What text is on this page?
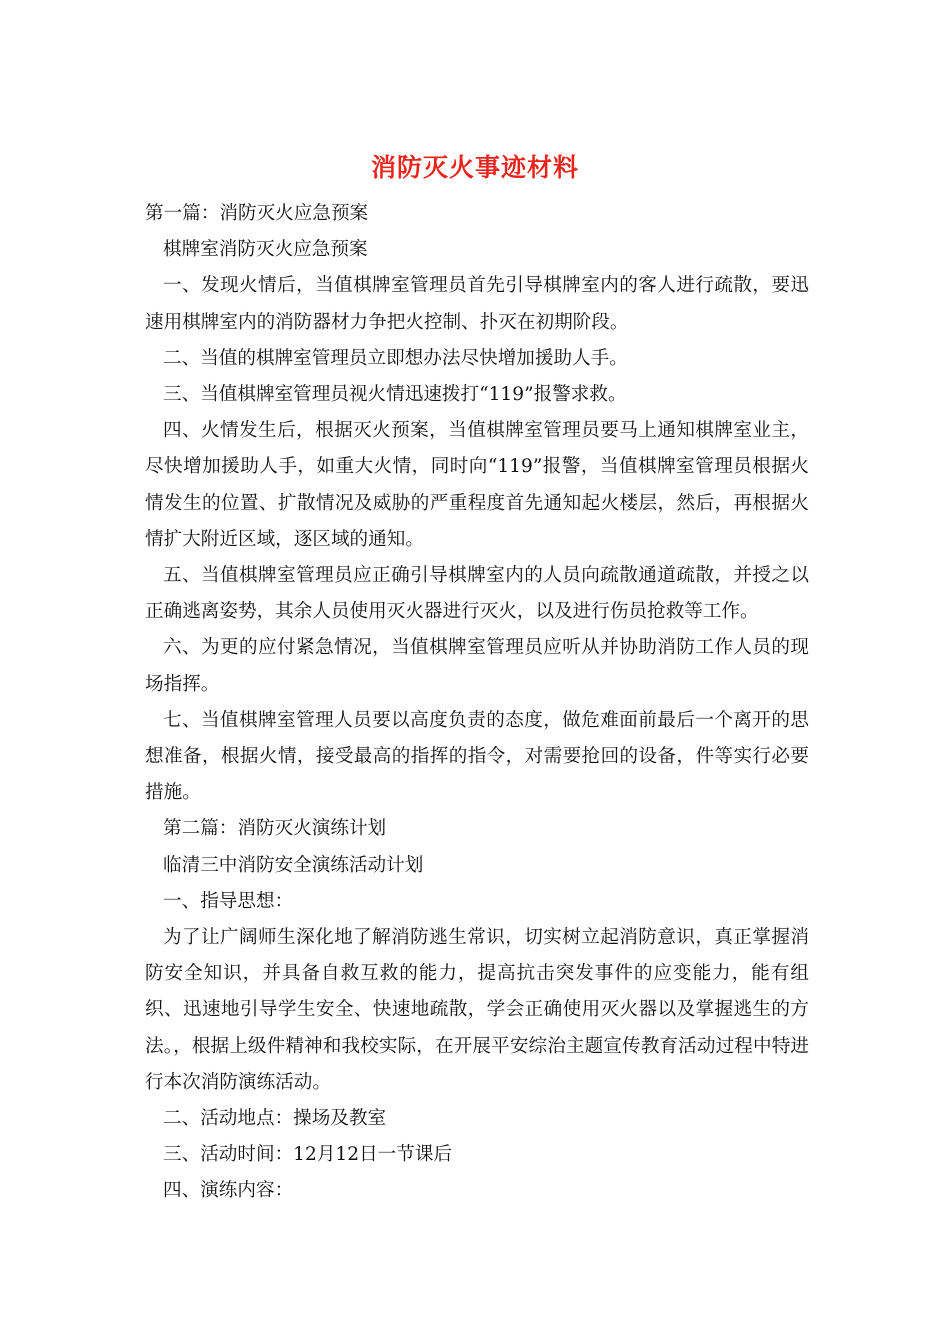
消防灭火事迹材料

第一篇：消防灭火应急预案

棋牌室消防灭火应急预案

一、发现火情后，当值棋牌室管理员首先引导棋牌室内的客人进行疏散，要迅速用棋牌室内的消防器材力争把火控制、扑灭在初期阶段。

二、当值的棋牌室管理员立即想办法尽快增加援助人手。

三、当值棋牌室管理员视火情迅速拨打“119”报警求救。

四、火情发生后，根据灭火预案，当值棋牌室管理员要马上通知棋牌室业主，尽快增加援助人手，如重大火情，同时向“119”报警，当值棋牌室管理员根据火情发生的位置、扩散情况及威胁的严重程度首先通知起火楼层，然后，再根据火情扩大附近区域，逐区域的通知。

五、当值棋牌室管理员应正确引导棋牌室内的人员向疏散通道疏散，并授之以正确逃离姿势，其余人员使用灭火器进行灭火，以及进行伤员抢救等工作。

六、为更的应付紧急情况，当值棋牌室管理员应听从并协助消防工作人员的现场指挥。

七、当值棋牌室管理人员要以高度负责的态度，做危难面前最后一个离开的思想准备，根据火情，接受最高的指挥的指令，对需要抢回的设备，件等实行必要措施。

第二篇：消防灭火演练计划

临清三中消防安全演练活动计划

一、指导思想：

为了让广阔师生深化地了解消防逃生常识，切实树立起消防意识，真正掌握消防安全知识，并具备自救互救的能力，提高抗击突发事件的应变能力，能有组织、迅速地引导学生安全、快速地疏散，学会正确使用灭火器以及掌握逃生的方法。，根据上级件精神和我校实际，在开展平安综治主题宣传教育活动过程中特进行本次消防演练活动。

二、活动地点：操场及教室

三、活动时间：12月12日一节课后

四、演练内容：
